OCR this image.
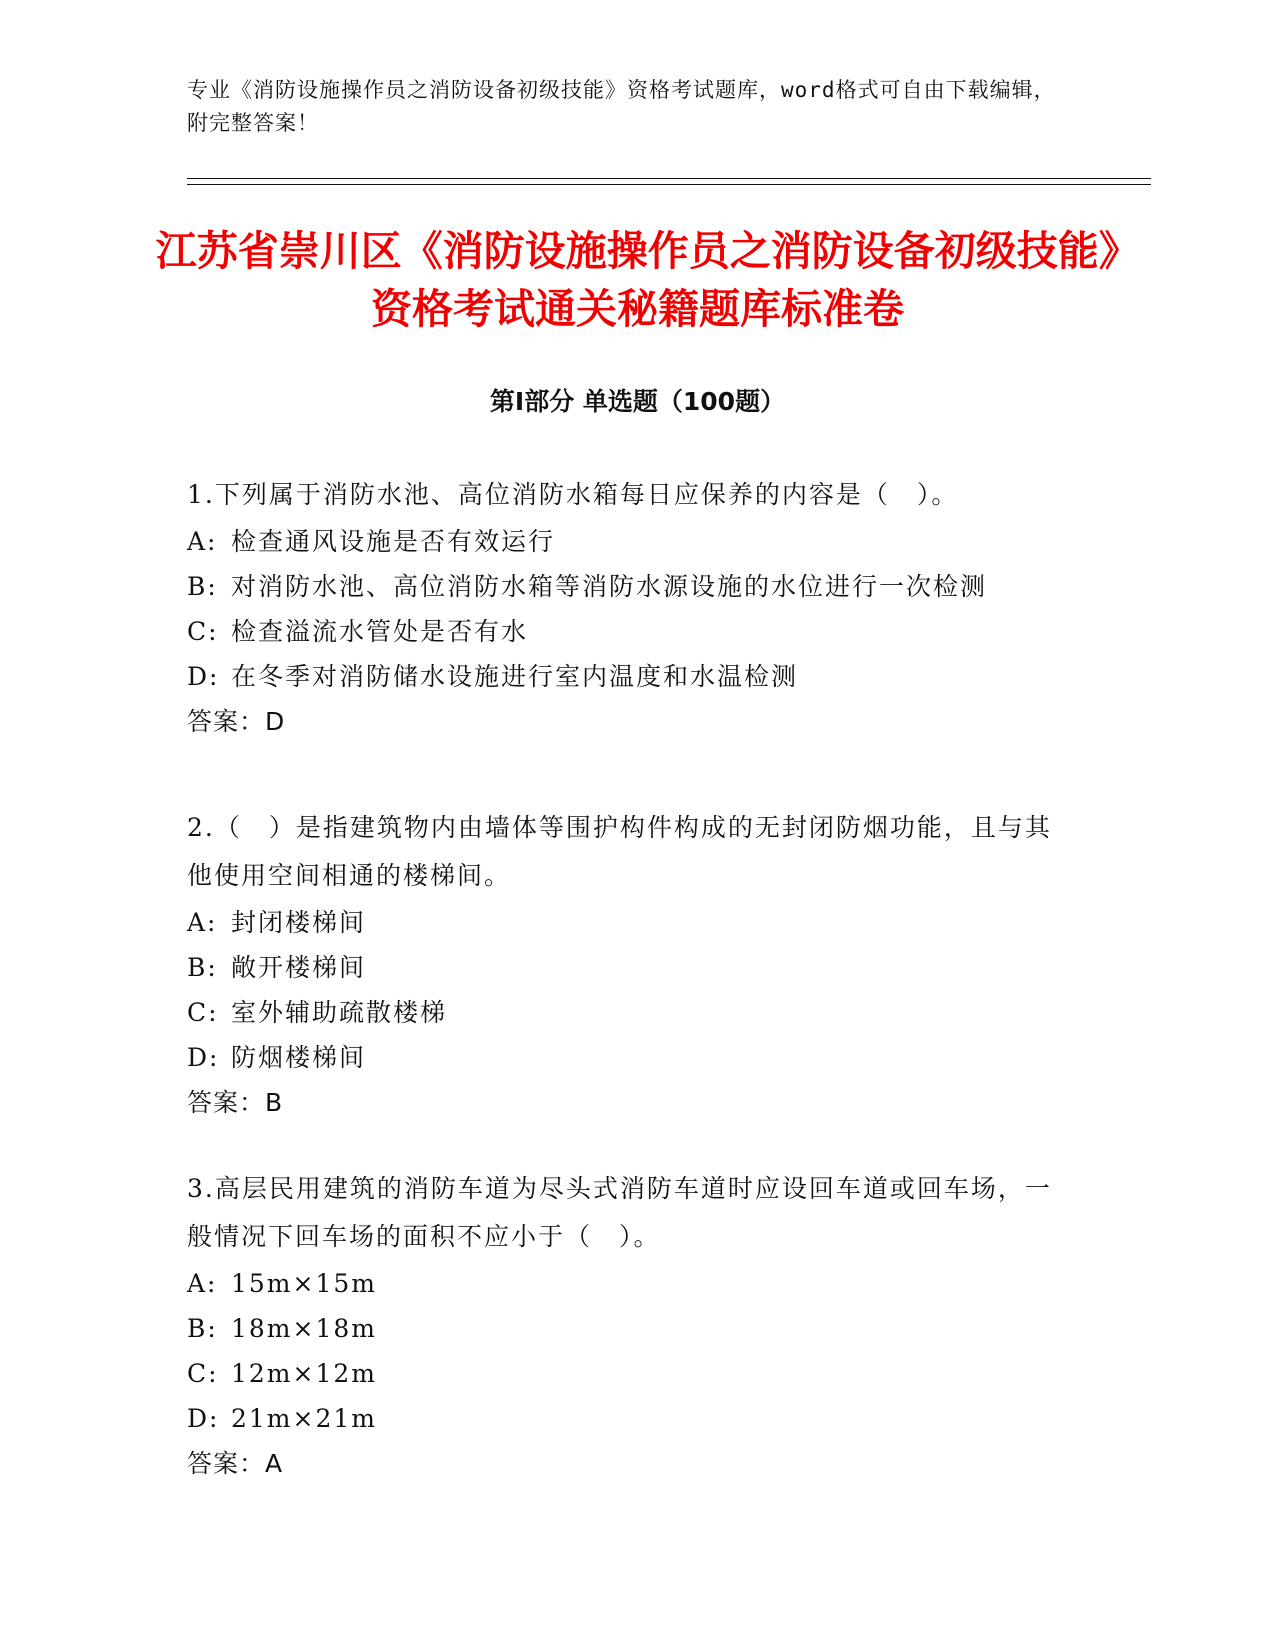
专业《消防设施操作员之消防设备初级技能》资格考试题库，word格式可自由下载编辑，附完整答案！
江苏省崇川区《消防设施操作员之消防设备初级技能》资格考试通关秘籍题库标准卷
第Ⅰ部分 单选题（100题）
1.下列属于消防水池、高位消防水箱每日应保养的内容是（　）。
A: 检查通风设施是否有效运行
B: 对消防水池、高位消防水箱等消防水源设施的水位进行一次检测
C: 检查溢流水管处是否有水
D: 在冬季对消防储水设施进行室内温度和水温检测
答案：D
2.（　）是指建筑物内由墙体等围护构件构成的无封闭防烟功能，且与其他使用空间相通的楼梯间。
A: 封闭楼梯间
B: 敞开楼梯间
C: 室外辅助疏散楼梯
D: 防烟楼梯间
答案：B
3.高层民用建筑的消防车道为尽头式消防车道时应设回车道或回车场，一般情况下回车场的面积不应小于（　）。
A: 15m×15m
B: 18m×18m
C: 12m×12m
D: 21m×21m
答案：A
